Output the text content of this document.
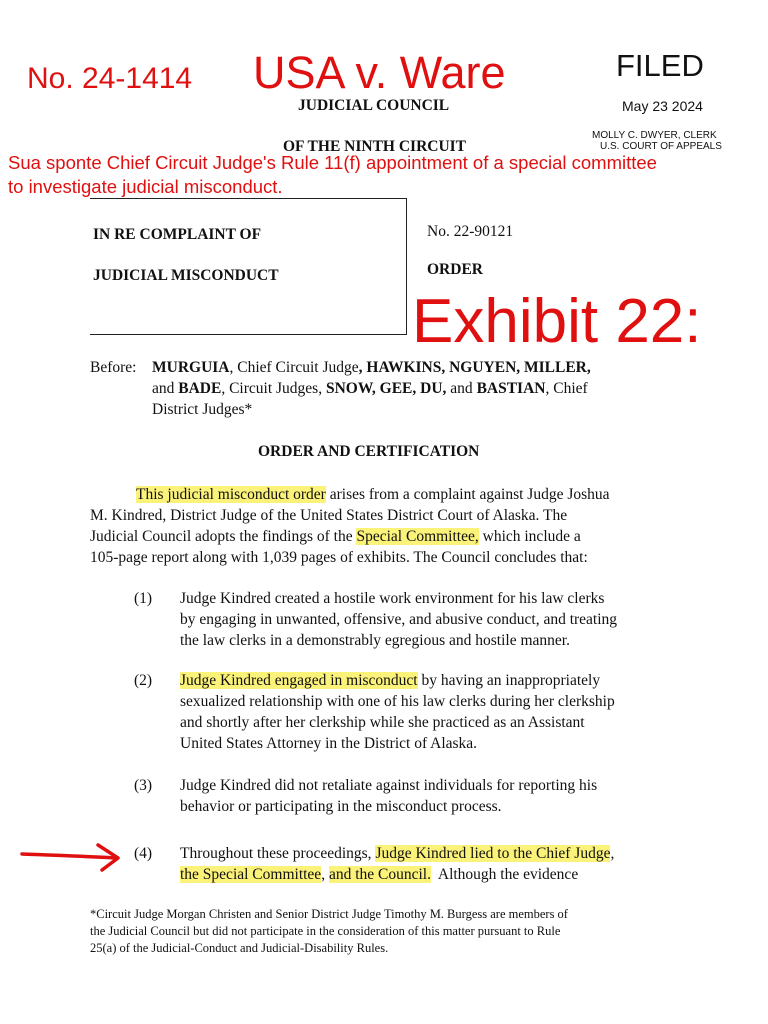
No. 24-1414 USA v. Ware	FILED
May 23 2024
MOLLY C. DWYER, CLERK
U.S. COURT OF APPEALS
JUDICIAL COUNCIL
OF THE NINTH CIRCUIT
Sua sponte Chief Circuit Judge's Rule 11(f) appointment of a special committee
to investigate judicial misconduct.
IN RE COMPLAINT OF
JUDICIAL MISCONDUCT
No. 22-90121
ORDER
Exhibit 22:
Before: MURGUIA, Chief Circuit Judge, HAWKINS, NGUYEN, MILLER,
and BADE, Circuit Judges, SNOW, GEE, DU, and BASTIAN, Chief
District Judges*
ORDER AND CERTIFICATION
This judicial misconduct order arises from a complaint against Judge Joshua
M. Kindred, District Judge of the United States District Court of Alaska. The
Judicial Council adopts the findings of the Special Committee, which include a
105-page report along with 1,039 pages of exhibits. The Council concludes that:
(1) Judge Kindred created a hostile work environment for his law clerks
by engaging in unwanted, offensive, and abusive conduct, and treating
the law clerks in a demonstrably egregious and hostile manner.
(2) Judge Kindred engaged in misconduct by having an inappropriately
sexualized relationship with one of his law clerks during her clerkship
and shortly after her clerkship while she practiced as an Assistant
United States Attorney in the District of Alaska.
(3) Judge Kindred did not retaliate against individuals for reporting his
behavior or participating in the misconduct process.
(4) Throughout these proceedings, Judge Kindred lied to the Chief Judge,
the Special Committee, and the Council.  Although the evidence
*Circuit Judge Morgan Christen and Senior District Judge Timothy M. Burgess are members of
the Judicial Council but did not participate in the consideration of this matter pursuant to Rule
25(a) of the Judicial-Conduct and Judicial-Disability Rules.
